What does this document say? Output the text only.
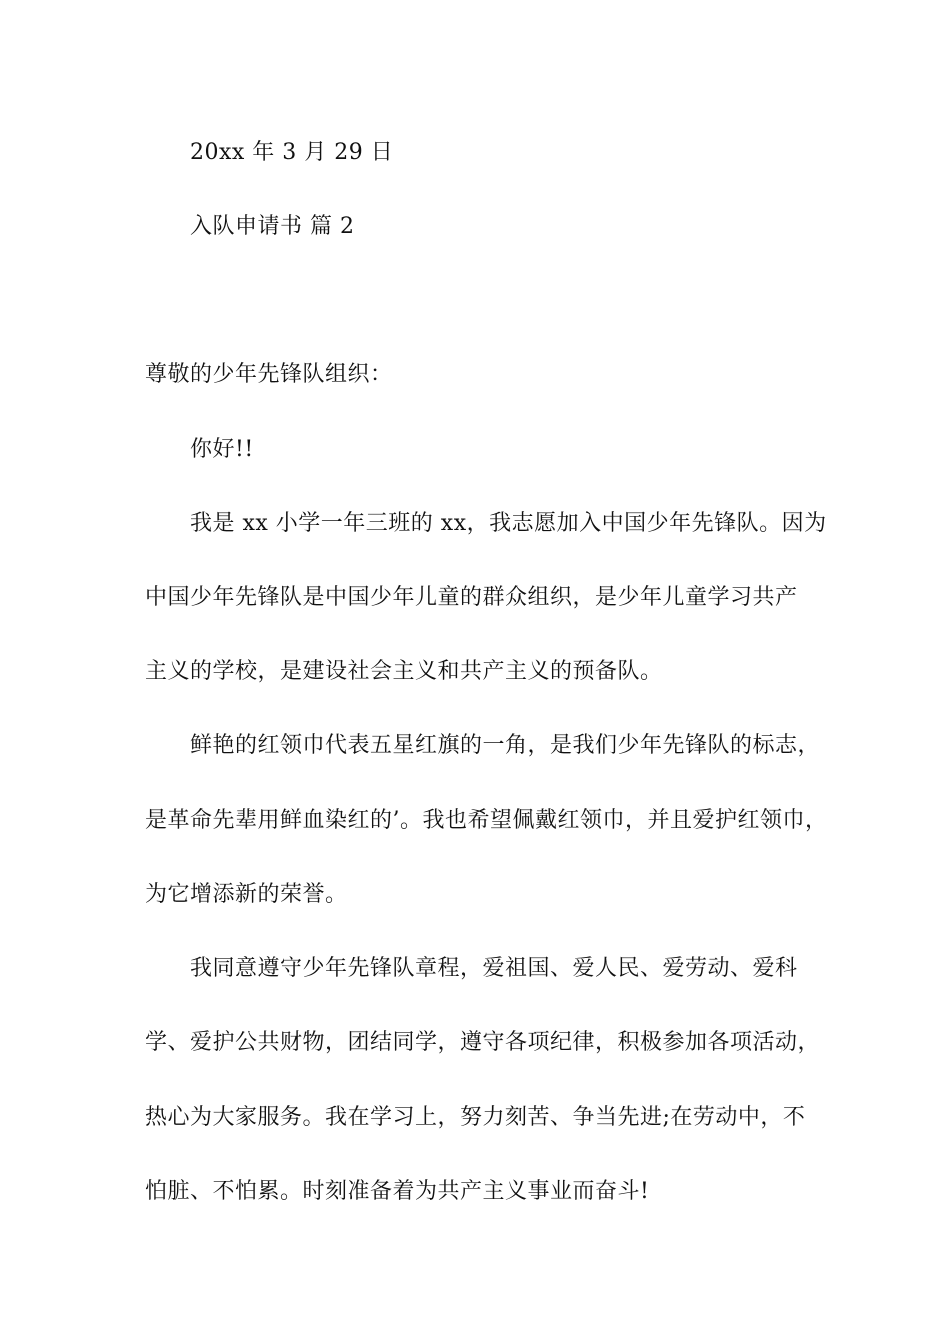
20xx 年 3 月 29 日
入队申请书 篇 2
尊敬的少年先锋队组织：
你好!!
我是 xx 小学一年三班的 xx，我志愿加入中国少年先锋队。因为
中国少年先锋队是中国少年儿童的群众组织，是少年儿童学习共产
主义的学校，是建设社会主义和共产主义的预备队。
鲜艳的红领巾代表五星红旗的一角，是我们少年先锋队的标志，
是革命先辈用鲜血染红的’。我也希望佩戴红领巾，并且爱护红领巾，
为它增添新的荣誉。
我同意遵守少年先锋队章程，爱祖国、爱人民、爱劳动、爱科
学、爱护公共财物，团结同学，遵守各项纪律，积极参加各项活动，
热心为大家服务。我在学习上，努力刻苦、争当先进;在劳动中，不
怕脏、不怕累。时刻准备着为共产主义事业而奋斗!
